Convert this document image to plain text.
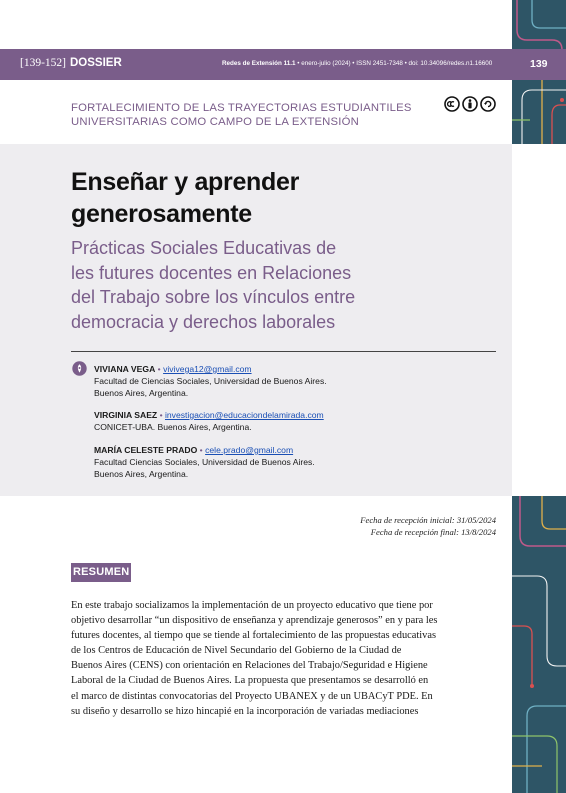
[139-152] DOSSIER	Redes de Extensión 11.1 • enero-julio (2024) • ISSN 2451-7348 • doi: 10.34096/redes.n1.16600	139
FORTALECIMIENTO DE LAS TRAYECTORIAS ESTUDIANTILES
UNIVERSITARIAS COMO CAMPO DE LA EXTENSIÓN
Enseñar y aprender
generosamente
Prácticas Sociales Educativas de
les futures docentes en Relaciones
del Trabajo sobre los vínculos entre
democracia y derechos laborales
VIVIANA VEGA • vivivega12@gmail.com
Facultad de Ciencias Sociales, Universidad de Buenos Aires.
Buenos Aires, Argentina.
VIRGINIA SAEZ • investigacion@educaciondelamirada.com
CONICET-UBA. Buenos Aires, Argentina.
MARÍA CELESTE PRADO • cele.prado@gmail.com
Facultad Ciencias Sociales, Universidad de Buenos Aires.
Buenos Aires, Argentina.
Fecha de recepción inicial: 31/05/2024
Fecha de recepción final: 13/8/2024
RESUMEN
En este trabajo socializamos la implementación de un proyecto educativo que tiene por
objetivo desarrollar “un dispositivo de enseñanza y aprendizaje generosos” en y para les
futures docentes, al tiempo que se tiende al fortalecimiento de las propuestas educativas
de los Centros de Educación de Nivel Secundario del Gobierno de la Ciudad de
Buenos Aires (CENS) con orientación en Relaciones del Trabajo/Seguridad e Higiene
Laboral de la Ciudad de Buenos Aires. La propuesta que presentamos se desarrolló en
el marco de distintas convocatorias del Proyecto UBANEX y de un UBACyT PDE. En
su diseño y desarrollo se hizo hincapié en la incorporación de variadas mediaciones
